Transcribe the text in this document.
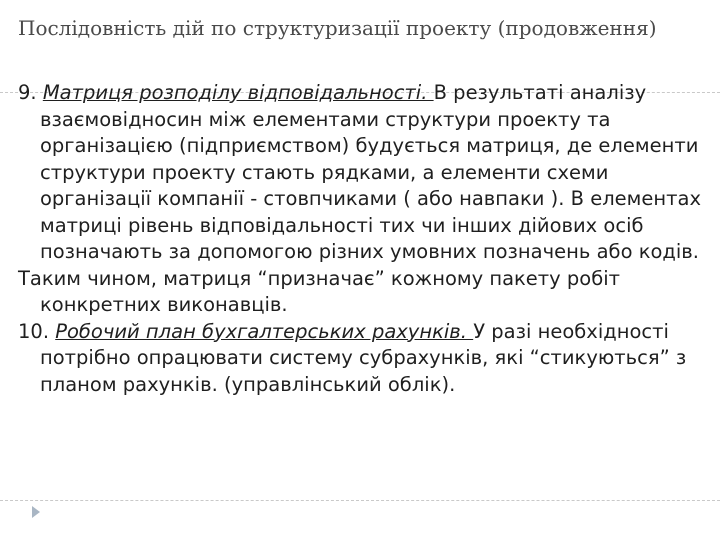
Послідовність дій по структуризації проекту (продовження)

9. Матриця розподілу відповідальності. В результаті аналізу взаємовідносин між елементами структури проекту та організацією (підприємством) будується матриця, де елементи структури проекту стають рядками, а елементи схеми організації компанії - стовпчиками ( або навпаки ). В елементах матриці рівень відповідальності тих чи інших дійових осіб позначають за допомогою різних умовних позначень або кодів.

Таким чином, матриця “призначає” кожному пакету робіт конкретних виконавців.

10. Робочий план бухгалтерських рахунків. У разі необхідності потрібно опрацювати систему субрахунків, які “стикуються” з планом рахунків. (управлінський облік).
